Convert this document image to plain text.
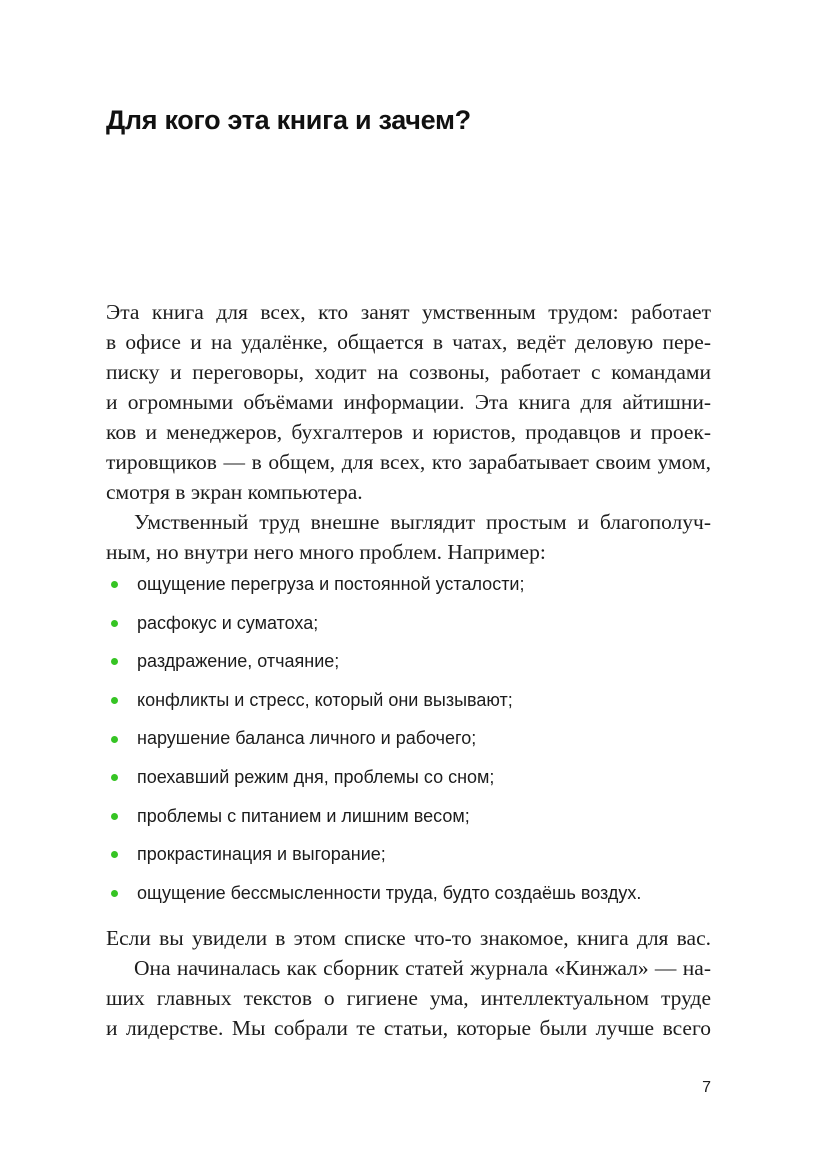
Для кого эта книга и зачем?
Эта книга для всех, кто занят умственным трудом: работает
в офисе и на удалёнке, общается в чатах, ведёт деловую пере-
писку и переговоры, ходит на созвоны, работает с командами
и огромными объёмами информации. Эта книга для айтишни-
ков и менеджеров, бухгалтеров и юристов, продавцов и проек-
тировщиков — в общем, для всех, кто зарабатывает своим умом,
смотря в экран компьютера.
Умственный труд внешне выглядит простым и благополуч-
ным, но внутри него много проблем. Например:
ощущение перегруза и постоянной усталости;
расфокус и суматоха;
раздражение, отчаяние;
конфликты и стресс, который они вызывают;
нарушение баланса личного и рабочего;
поехавший режим дня, проблемы со сном;
проблемы с питанием и лишним весом;
прокрастинация и выгорание;
ощущение бессмысленности труда, будто создаёшь воздух.
Если вы увидели в этом списке что-то знакомое, книга для вас.
Она начиналась как сборник статей журнала «Кинжал» — на-
ших главных текстов о гигиене ума, интеллектуальном труде
и лидерстве. Мы собрали те статьи, которые были лучше всего
7
